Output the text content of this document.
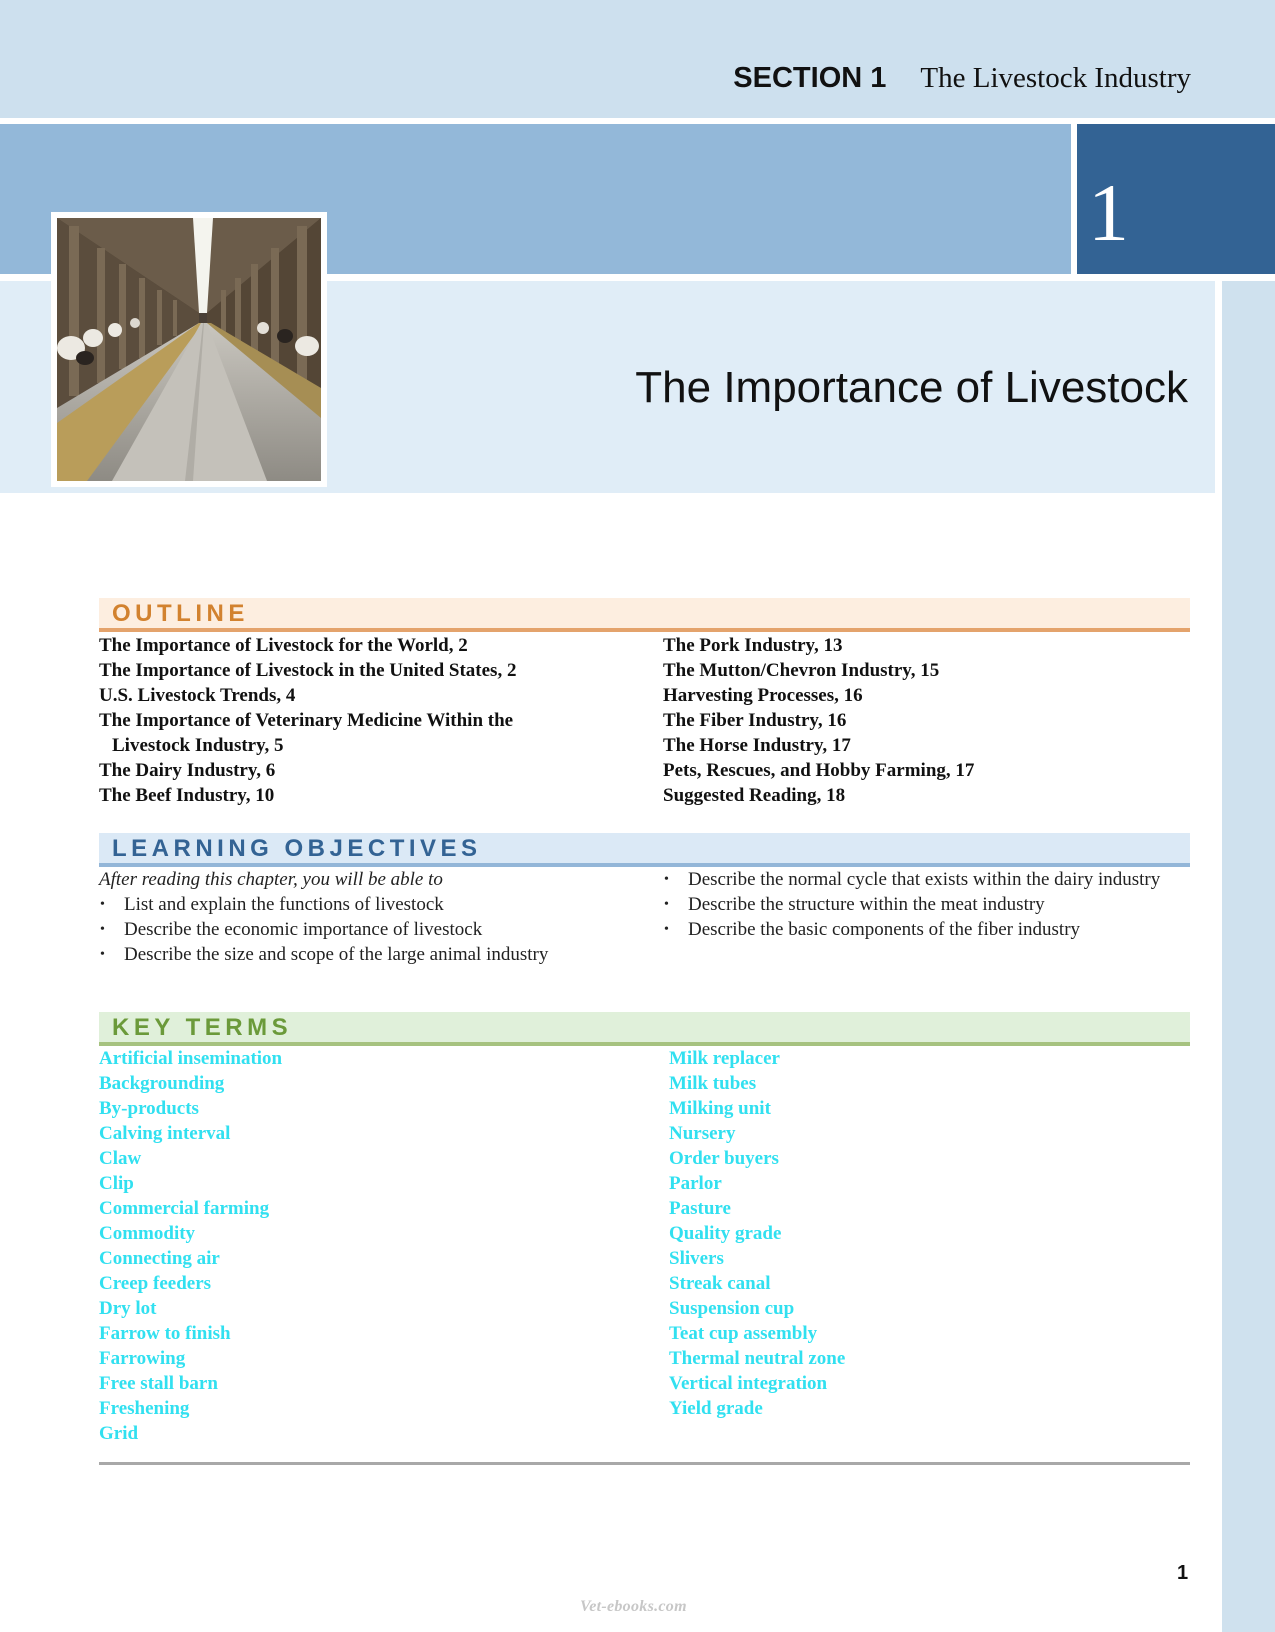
SECTION 1 The Livestock Industry
1
The Importance of Livestock
OUTLINE
The Importance of Livestock for the World, 2
The Importance of Livestock in the United States, 2
U.S. Livestock Trends, 4
The Importance of Veterinary Medicine Within the
Livestock Industry, 5
The Dairy Industry, 6
The Beef Industry, 10
The Pork Industry, 13
The Mutton/Chevron Industry, 15
Harvesting Processes, 16
The Fiber Industry, 16
The Horse Industry, 17
Pets, Rescues, and Hobby Farming, 17
Suggested Reading, 18
LEARNING OBJECTIVES
After reading this chapter, you will be able to
•	List and explain the functions of livestock
•	Describe the economic importance of livestock
•	Describe the size and scope of the large animal industry
•	Describe the normal cycle that exists within the dairy industry
•	Describe the structure within the meat industry
•	Describe the basic components of the fiber industry
KEY TERMS
Artificial insemination
Backgrounding
By-products
Calving interval
Claw
Clip
Commercial farming
Commodity
Connecting air
Creep feeders
Dry lot
Farrow to finish
Farrowing
Free stall barn
Freshening
Grid
Milk replacer
Milk tubes
Milking unit
Nursery
Order buyers
Parlor
Pasture
Quality grade
Slivers
Streak canal
Suspension cup
Teat cup assembly
Thermal neutral zone
Vertical integration
Yield grade
1
Vet-ebooks.com
